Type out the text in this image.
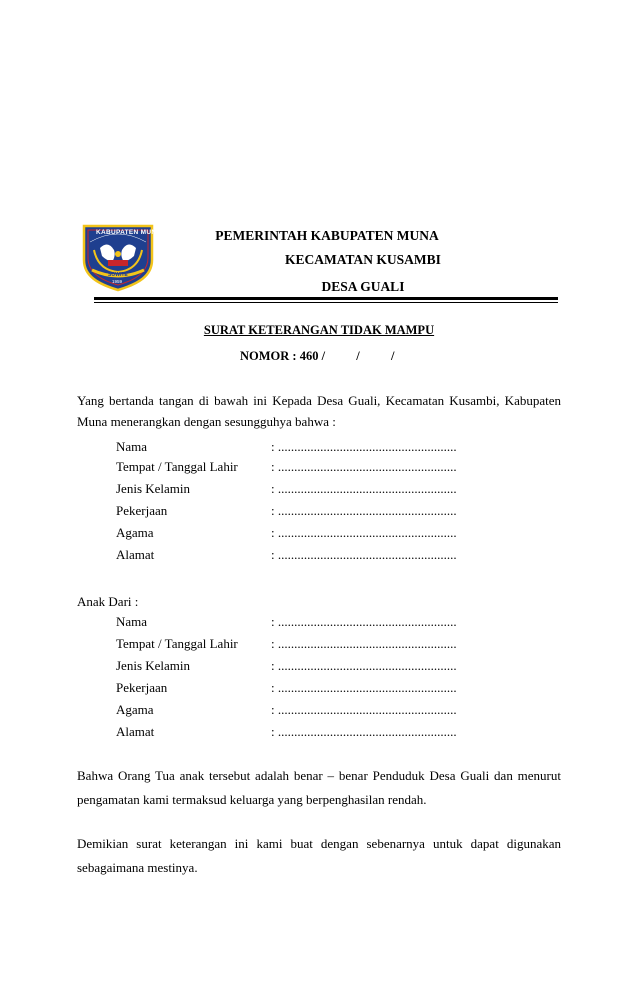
KABUPATEN MUNA
SOWITE
1959
PEMERINTAH KABUPATEN MUNA
KECAMATAN KUSAMBI
DESA GUALI
SURAT KETERANGAN TIDAK MAMPU
NOMOR : 460 /          /          /
Yang bertanda tangan di bawah ini Kepada Desa Guali, Kecamatan Kusambi, Kabupaten
Muna menerangkan dengan sesungguhya bahwa :
Nama	: .......................................................
Tempat / Tanggal Lahir	: .......................................................
Jenis Kelamin	: .......................................................
Pekerjaan	: .......................................................
Agama	: .......................................................
Alamat	: .......................................................
Anak Dari :
Nama	: .......................................................
Tempat / Tanggal Lahir	: .......................................................
Jenis Kelamin	: .......................................................
Pekerjaan	: .......................................................
Agama	: .......................................................
Alamat	: .......................................................
Bahwa Orang Tua anak tersebut adalah benar – benar Penduduk Desa Guali dan menurut
pengamatan kami termaksud keluarga yang berpenghasilan rendah.
Demikian surat keterangan ini kami buat dengan sebenarnya untuk dapat digunakan
sebagaimana mestinya.
